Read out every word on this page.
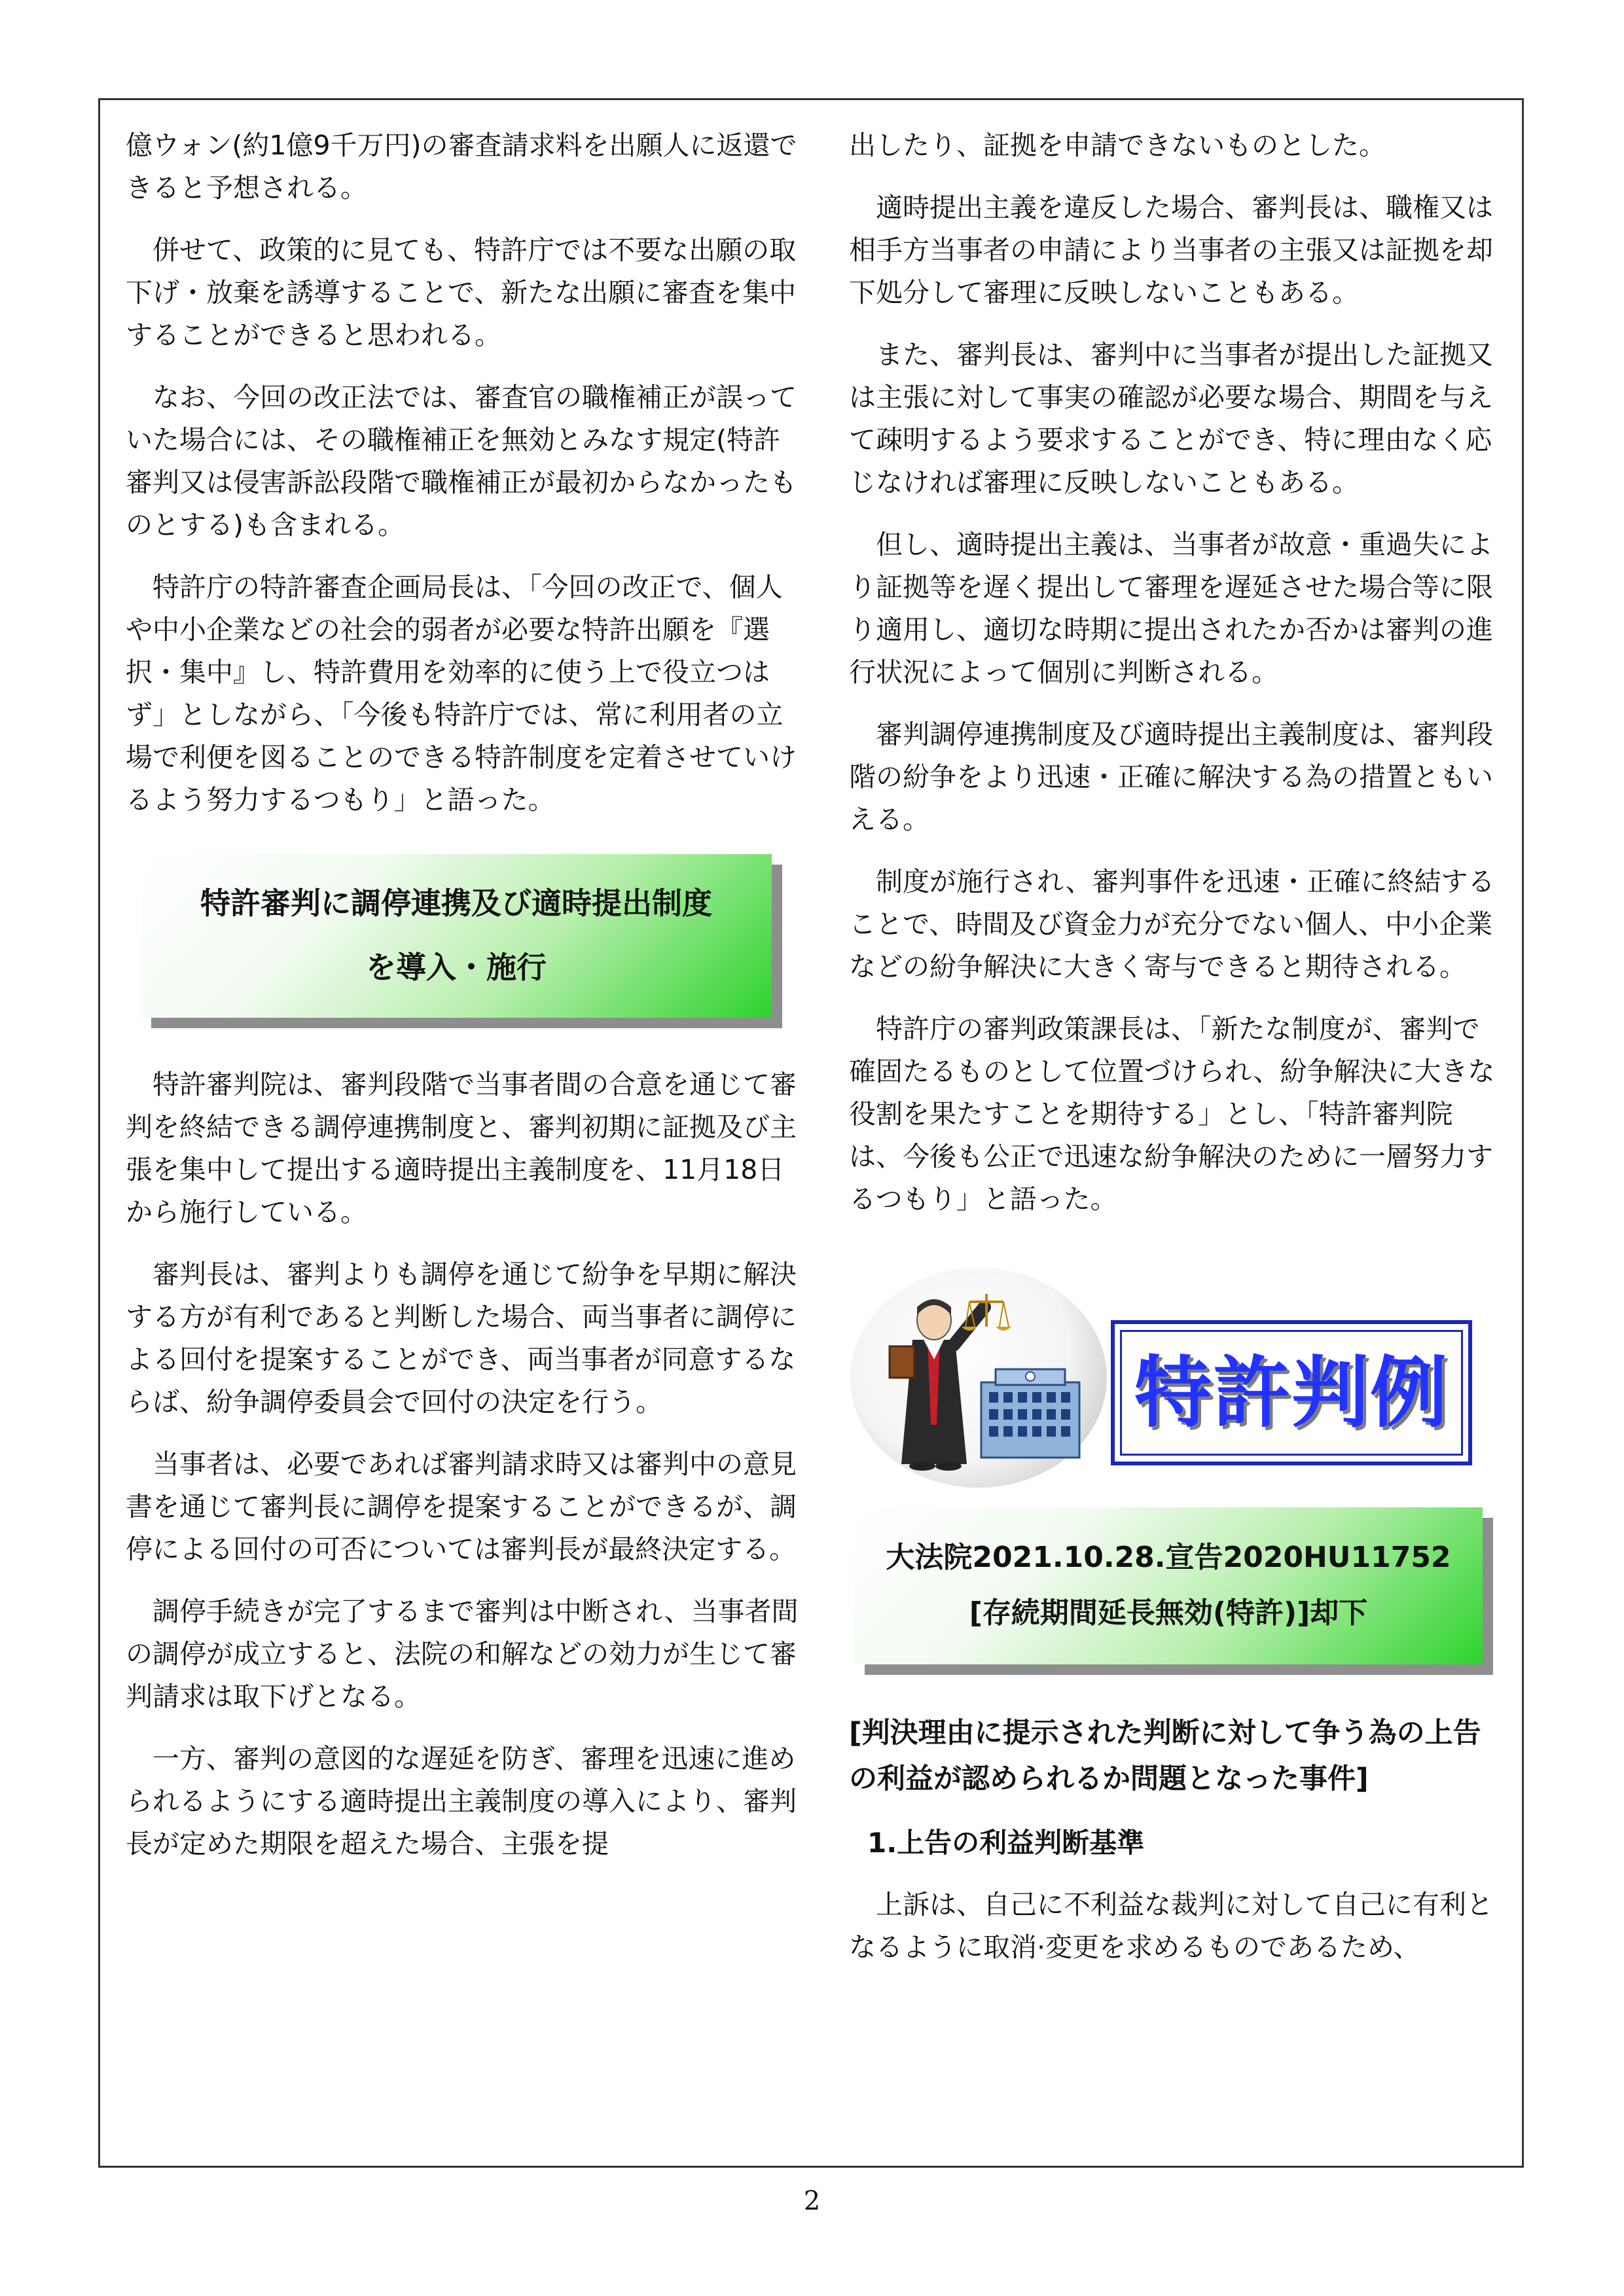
億ウォン(約1億9千万円)の審査請求料を出願人に返還できると予想される。

併せて、政策的に見ても、特許庁では不要な出願の取下げ・放棄を誘導することで、新たな出願に審査を集中することができると思われる。

なお、今回の改正法では、審査官の職権補正が誤っていた場合には、その職権補正を無効とみなす規定(特許審判又は侵害訴訟段階で職権補正が最初からなかったものとする)も含まれる。

特許庁の特許審査企画局長は、「今回の改正で、個人や中小企業などの社会的弱者が必要な特許出願を『選択・集中』し、特許費用を効率的に使う上で役立つはず」としながら、「今後も特許庁では、常に利用者の立場で利便を図ることのできる特許制度を定着させていけるよう努力するつもり」と語った。

特許審判に調停連携及び適時提出制度
を導入・施行

特許審判院は、審判段階で当事者間の合意を通じて審判を終結できる調停連携制度と、審判初期に証拠及び主張を集中して提出する適時提出主義制度を、11月18日から施行している。

審判長は、審判よりも調停を通じて紛争を早期に解決する方が有利であると判断した場合、両当事者に調停による回付を提案することができ、両当事者が同意するならば、紛争調停委員会で回付の決定を行う。

当事者は、必要であれば審判請求時又は審判中の意見書を通じて審判長に調停を提案することができるが、調停による回付の可否については審判長が最終決定する。

調停手続きが完了するまで審判は中断され、当事者間の調停が成立すると、法院の和解などの効力が生じて審判請求は取下げとなる。

一方、審判の意図的な遅延を防ぎ、審理を迅速に進められるようにする適時提出主義制度の導入により、審判長が定めた期限を超えた場合、主張を提

出したり、証拠を申請できないものとした。

適時提出主義を違反した場合、審判長は、職権又は相手方当事者の申請により当事者の主張又は証拠を却下処分して審理に反映しないこともある。

また、審判長は、審判中に当事者が提出した証拠又は主張に対して事実の確認が必要な場合、期間を与えて疎明するよう要求することができ、特に理由なく応じなければ審理に反映しないこともある。

但し、適時提出主義は、当事者が故意・重過失により証拠等を遅く提出して審理を遅延させた場合等に限り適用し、適切な時期に提出されたか否かは審判の進行状況によって個別に判断される。

審判調停連携制度及び適時提出主義制度は、審判段階の紛争をより迅速・正確に解決する為の措置ともいえる。

制度が施行され、審判事件を迅速・正確に終結することで、時間及び資金力が充分でない個人、中小企業などの紛争解決に大きく寄与できると期待される。

特許庁の審判政策課長は、「新たな制度が、審判で確固たるものとして位置づけられ、紛争解決に大きな役割を果たすことを期待する」とし、「特許審判院は、今後も公正で迅速な紛争解決のために一層努力するつもり」と語った。

特許判例
大法院2021.10.28.宣告2020HU11752
[存続期間延長無効(特許)]却下
[判決理由に提示された判断に対して争う為の上告の利益が認められるか問題となった事件]
1.上告の利益判断基準

上訴は、自己に不利益な裁判に対して自己に有利となるように取消·変更を求めるものであるため、

2
